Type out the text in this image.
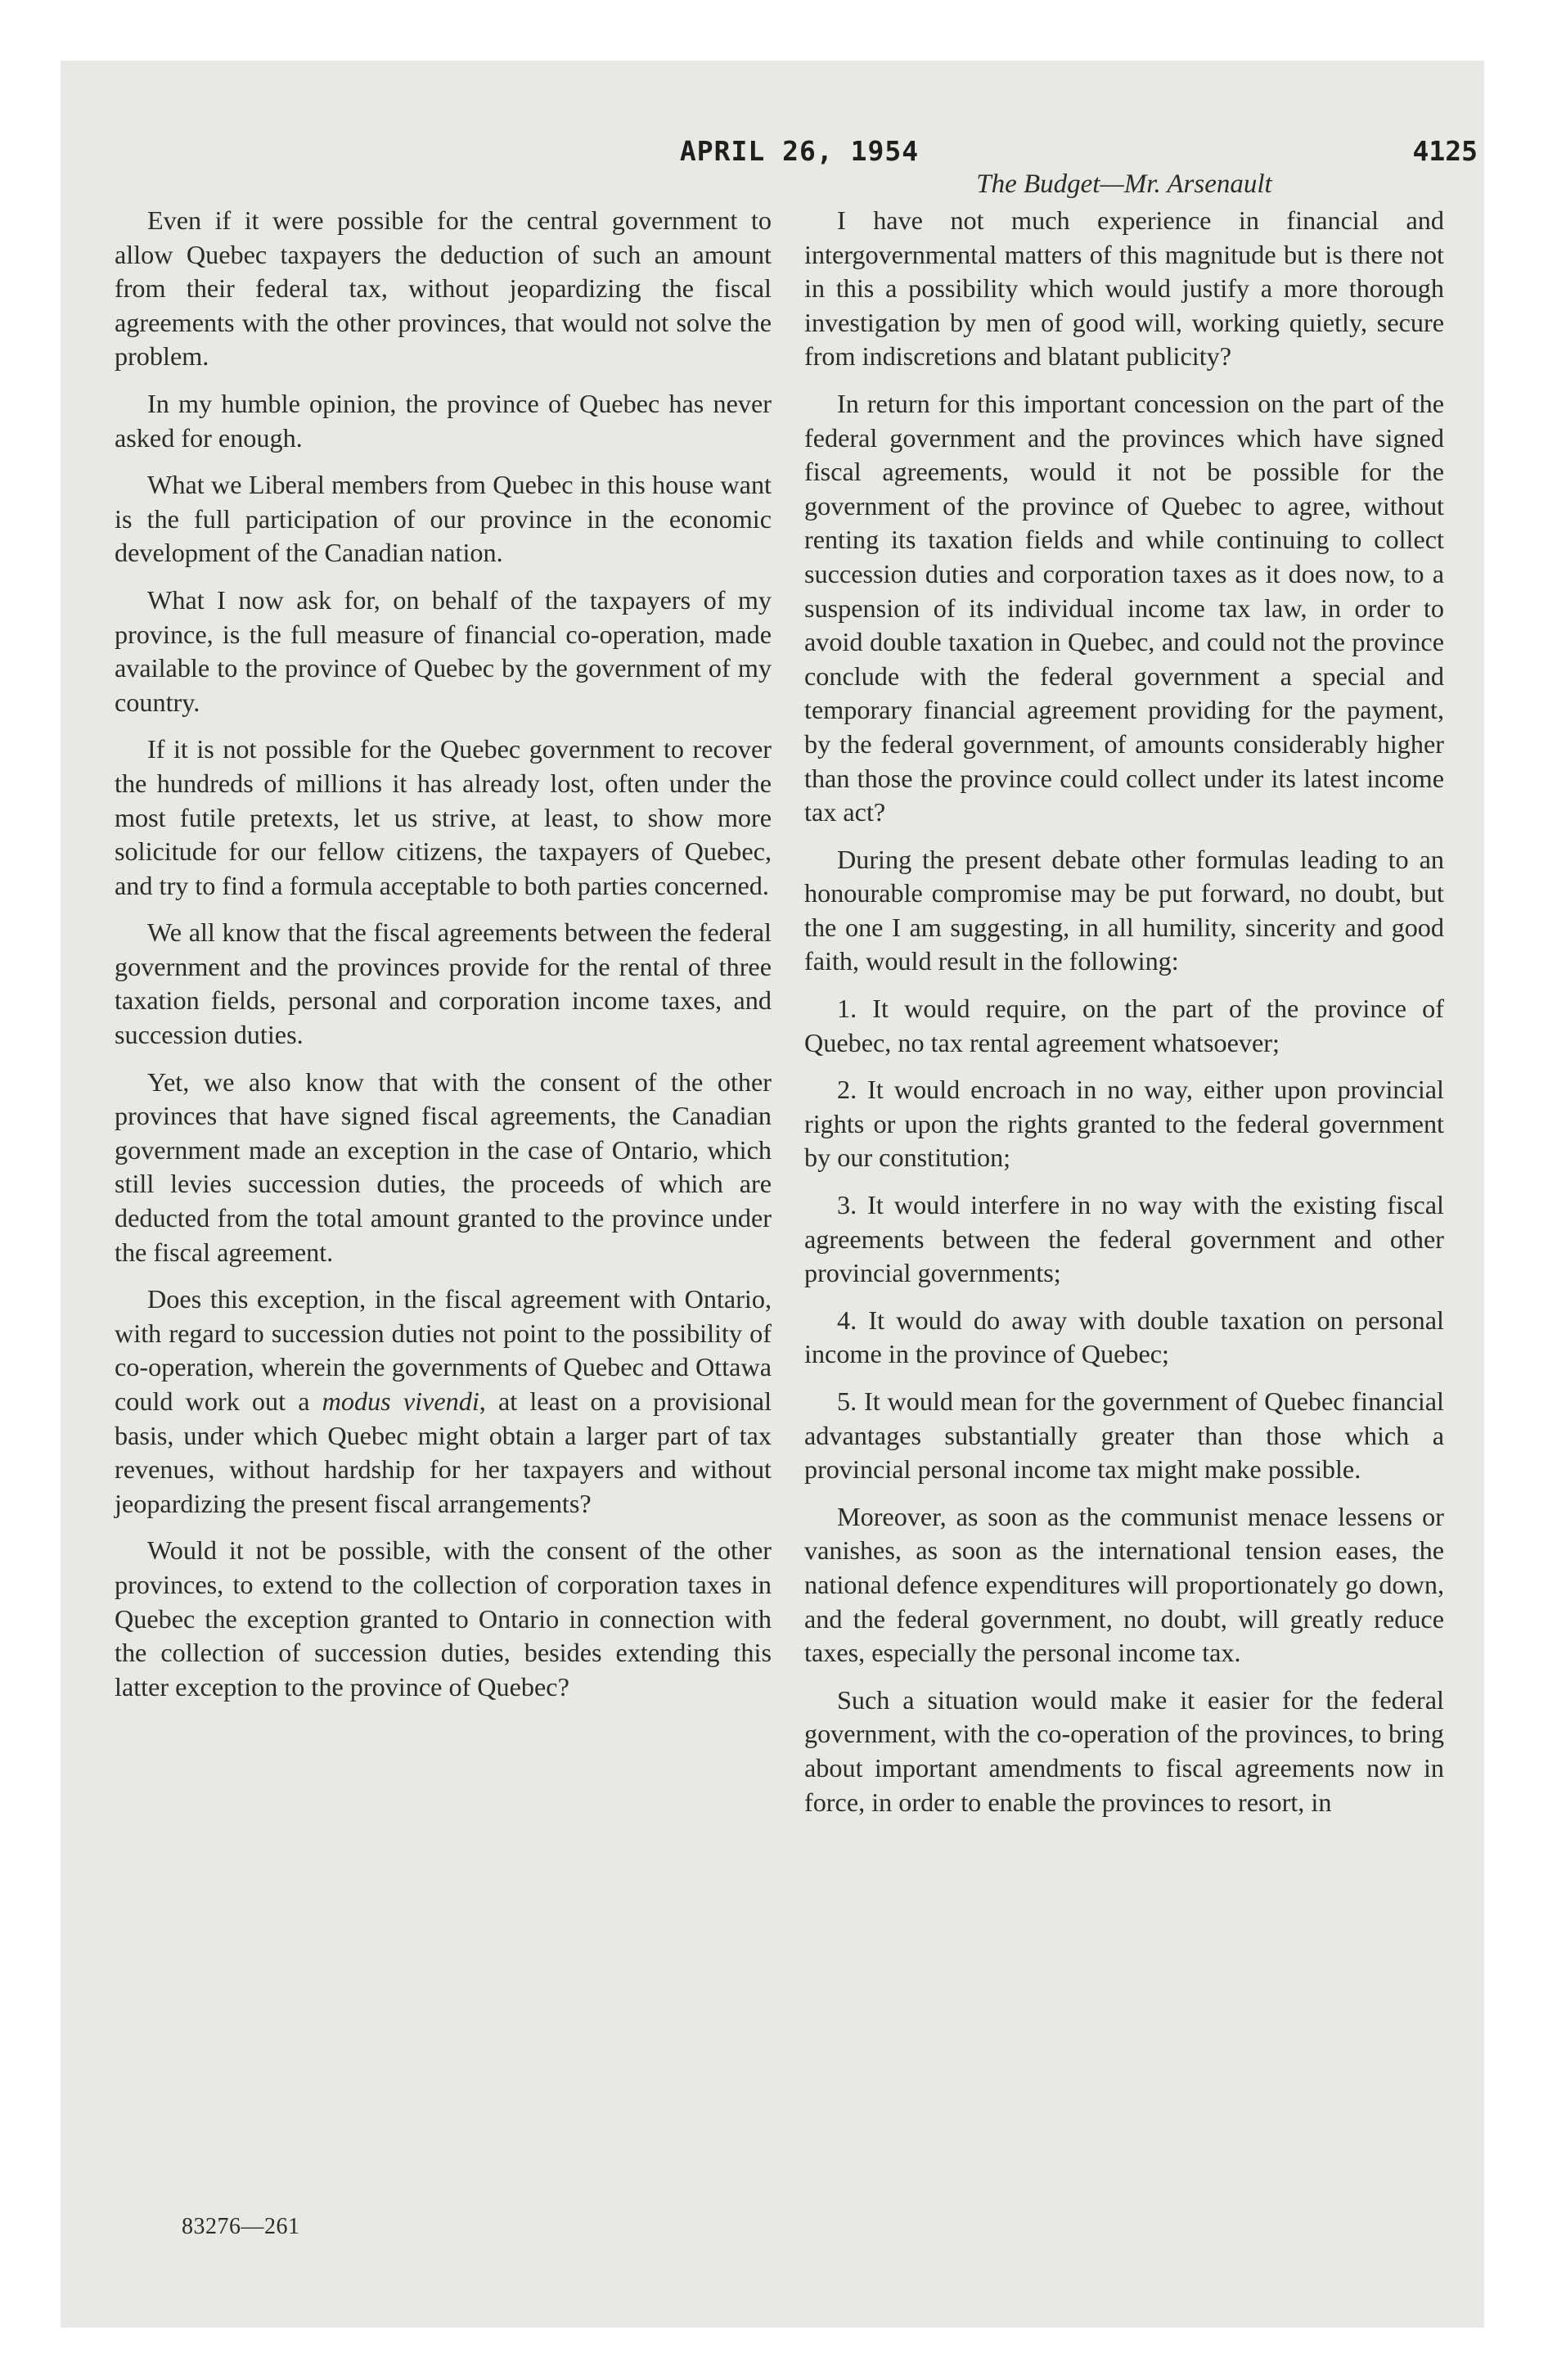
APRIL 26, 1954	4125
The Budget—Mr. Arsenault

Even if it were possible for the central government to allow Quebec taxpayers the deduction of such an amount from their federal tax, without jeopardizing the fiscal agreements with the other provinces, that would not solve the problem.

In my humble opinion, the province of Quebec has never asked for enough.

What we Liberal members from Quebec in this house want is the full participation of our province in the economic development of the Canadian nation.

What I now ask for, on behalf of the taxpayers of my province, is the full measure of financial co-operation, made available to the province of Quebec by the government of my country.

If it is not possible for the Quebec government to recover the hundreds of millions it has already lost, often under the most futile pretexts, let us strive, at least, to show more solicitude for our fellow citizens, the taxpayers of Quebec, and try to find a formula acceptable to both parties concerned.

We all know that the fiscal agreements between the federal government and the provinces provide for the rental of three taxation fields, personal and corporation income taxes, and succession duties.

Yet, we also know that with the consent of the other provinces that have signed fiscal agreements, the Canadian government made an exception in the case of Ontario, which still levies succession duties, the proceeds of which are deducted from the total amount granted to the province under the fiscal agreement.

Does this exception, in the fiscal agreement with Ontario, with regard to succession duties not point to the possibility of co-operation, wherein the governments of Quebec and Ottawa could work out a modus vivendi, at least on a provisional basis, under which Quebec might obtain a larger part of tax revenues, without hardship for her taxpayers and without jeopardizing the present fiscal arrangements?

Would it not be possible, with the consent of the other provinces, to extend to the collection of corporation taxes in Quebec the exception granted to Ontario in connection with the collection of succession duties, besides extending this latter exception to the province of Quebec?

83276—261

I have not much experience in financial and intergovernmental matters of this magnitude but is there not in this a possibility which would justify a more thorough investigation by men of good will, working quietly, secure from indiscretions and blatant publicity?

In return for this important concession on the part of the federal government and the provinces which have signed fiscal agreements, would it not be possible for the government of the province of Quebec to agree, without renting its taxation fields and while continuing to collect succession duties and corporation taxes as it does now, to a suspension of its individual income tax law, in order to avoid double taxation in Quebec, and could not the province conclude with the federal government a special and temporary financial agreement providing for the payment, by the federal government, of amounts considerably higher than those the province could collect under its latest income tax act?

During the present debate other formulas leading to an honourable compromise may be put forward, no doubt, but the one I am suggesting, in all humility, sincerity and good faith, would result in the following:

1. It would require, on the part of the province of Quebec, no tax rental agreement whatsoever;

2. It would encroach in no way, either upon provincial rights or upon the rights granted to the federal government by our constitution;

3. It would interfere in no way with the existing fiscal agreements between the federal government and other provincial governments;

4. It would do away with double taxation on personal income in the province of Quebec;

5. It would mean for the government of Quebec financial advantages substantially greater than those which a provincial personal income tax might make possible.

Moreover, as soon as the communist menace lessens or vanishes, as soon as the international tension eases, the national defence expenditures will proportionately go down, and the federal government, no doubt, will greatly reduce taxes, especially the personal income tax.

Such a situation would make it easier for the federal government, with the co-operation of the provinces, to bring about important amendments to fiscal agreements now in force, in order to enable the provinces to resort, in
